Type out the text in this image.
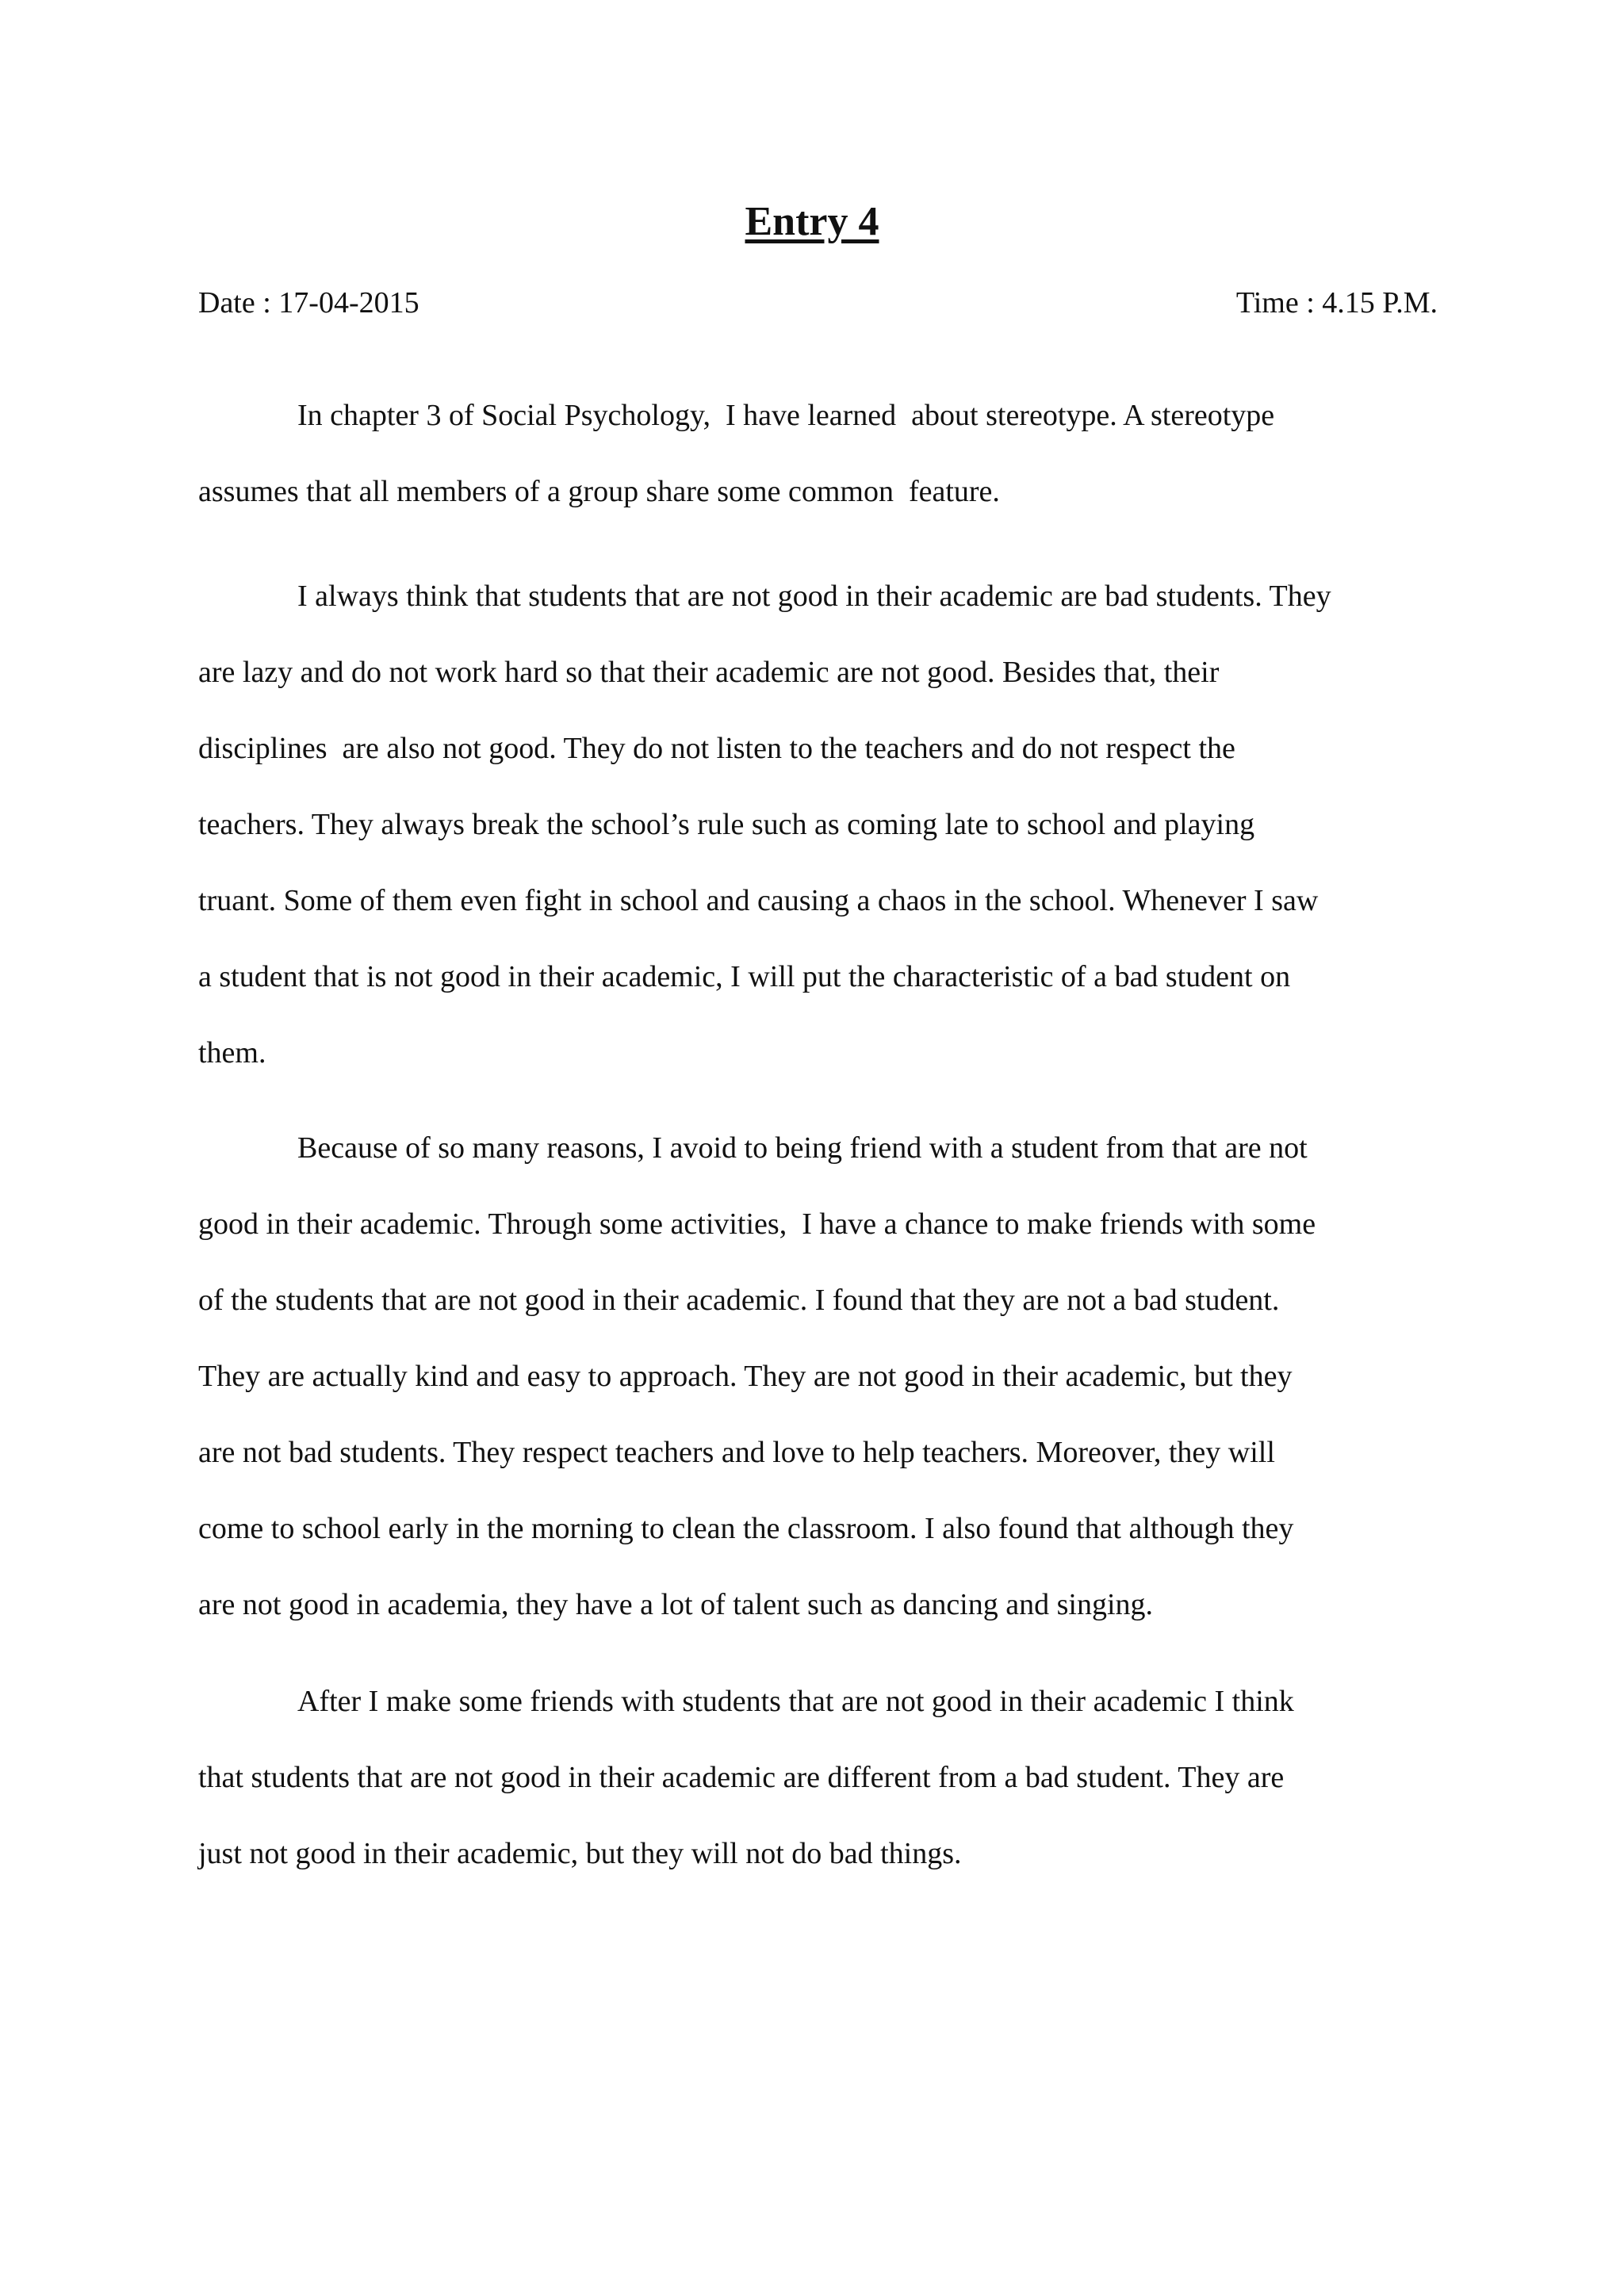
Entry 4
Date : 17-04-2015	Time : 4.15 P.M.
In chapter 3 of Social Psychology,  I have learned  about stereotype. A stereotype
assumes that all members of a group share some common  feature.
I always think that students that are not good in their academic are bad students. They
are lazy and do not work hard so that their academic are not good. Besides that, their
disciplines  are also not good. They do not listen to the teachers and do not respect the
teachers. They always break the school’s rule such as coming late to school and playing
truant. Some of them even fight in school and causing a chaos in the school. Whenever I saw
a student that is not good in their academic, I will put the characteristic of a bad student on
them.
Because of so many reasons, I avoid to being friend with a student from that are not
good in their academic. Through some activities,  I have a chance to make friends with some
of the students that are not good in their academic. I found that they are not a bad student.
They are actually kind and easy to approach. They are not good in their academic, but they
are not bad students. They respect teachers and love to help teachers. Moreover, they will
come to school early in the morning to clean the classroom. I also found that although they
are not good in academia, they have a lot of talent such as dancing and singing.
After I make some friends with students that are not good in their academic I think
that students that are not good in their academic are different from a bad student. They are
just not good in their academic, but they will not do bad things.
